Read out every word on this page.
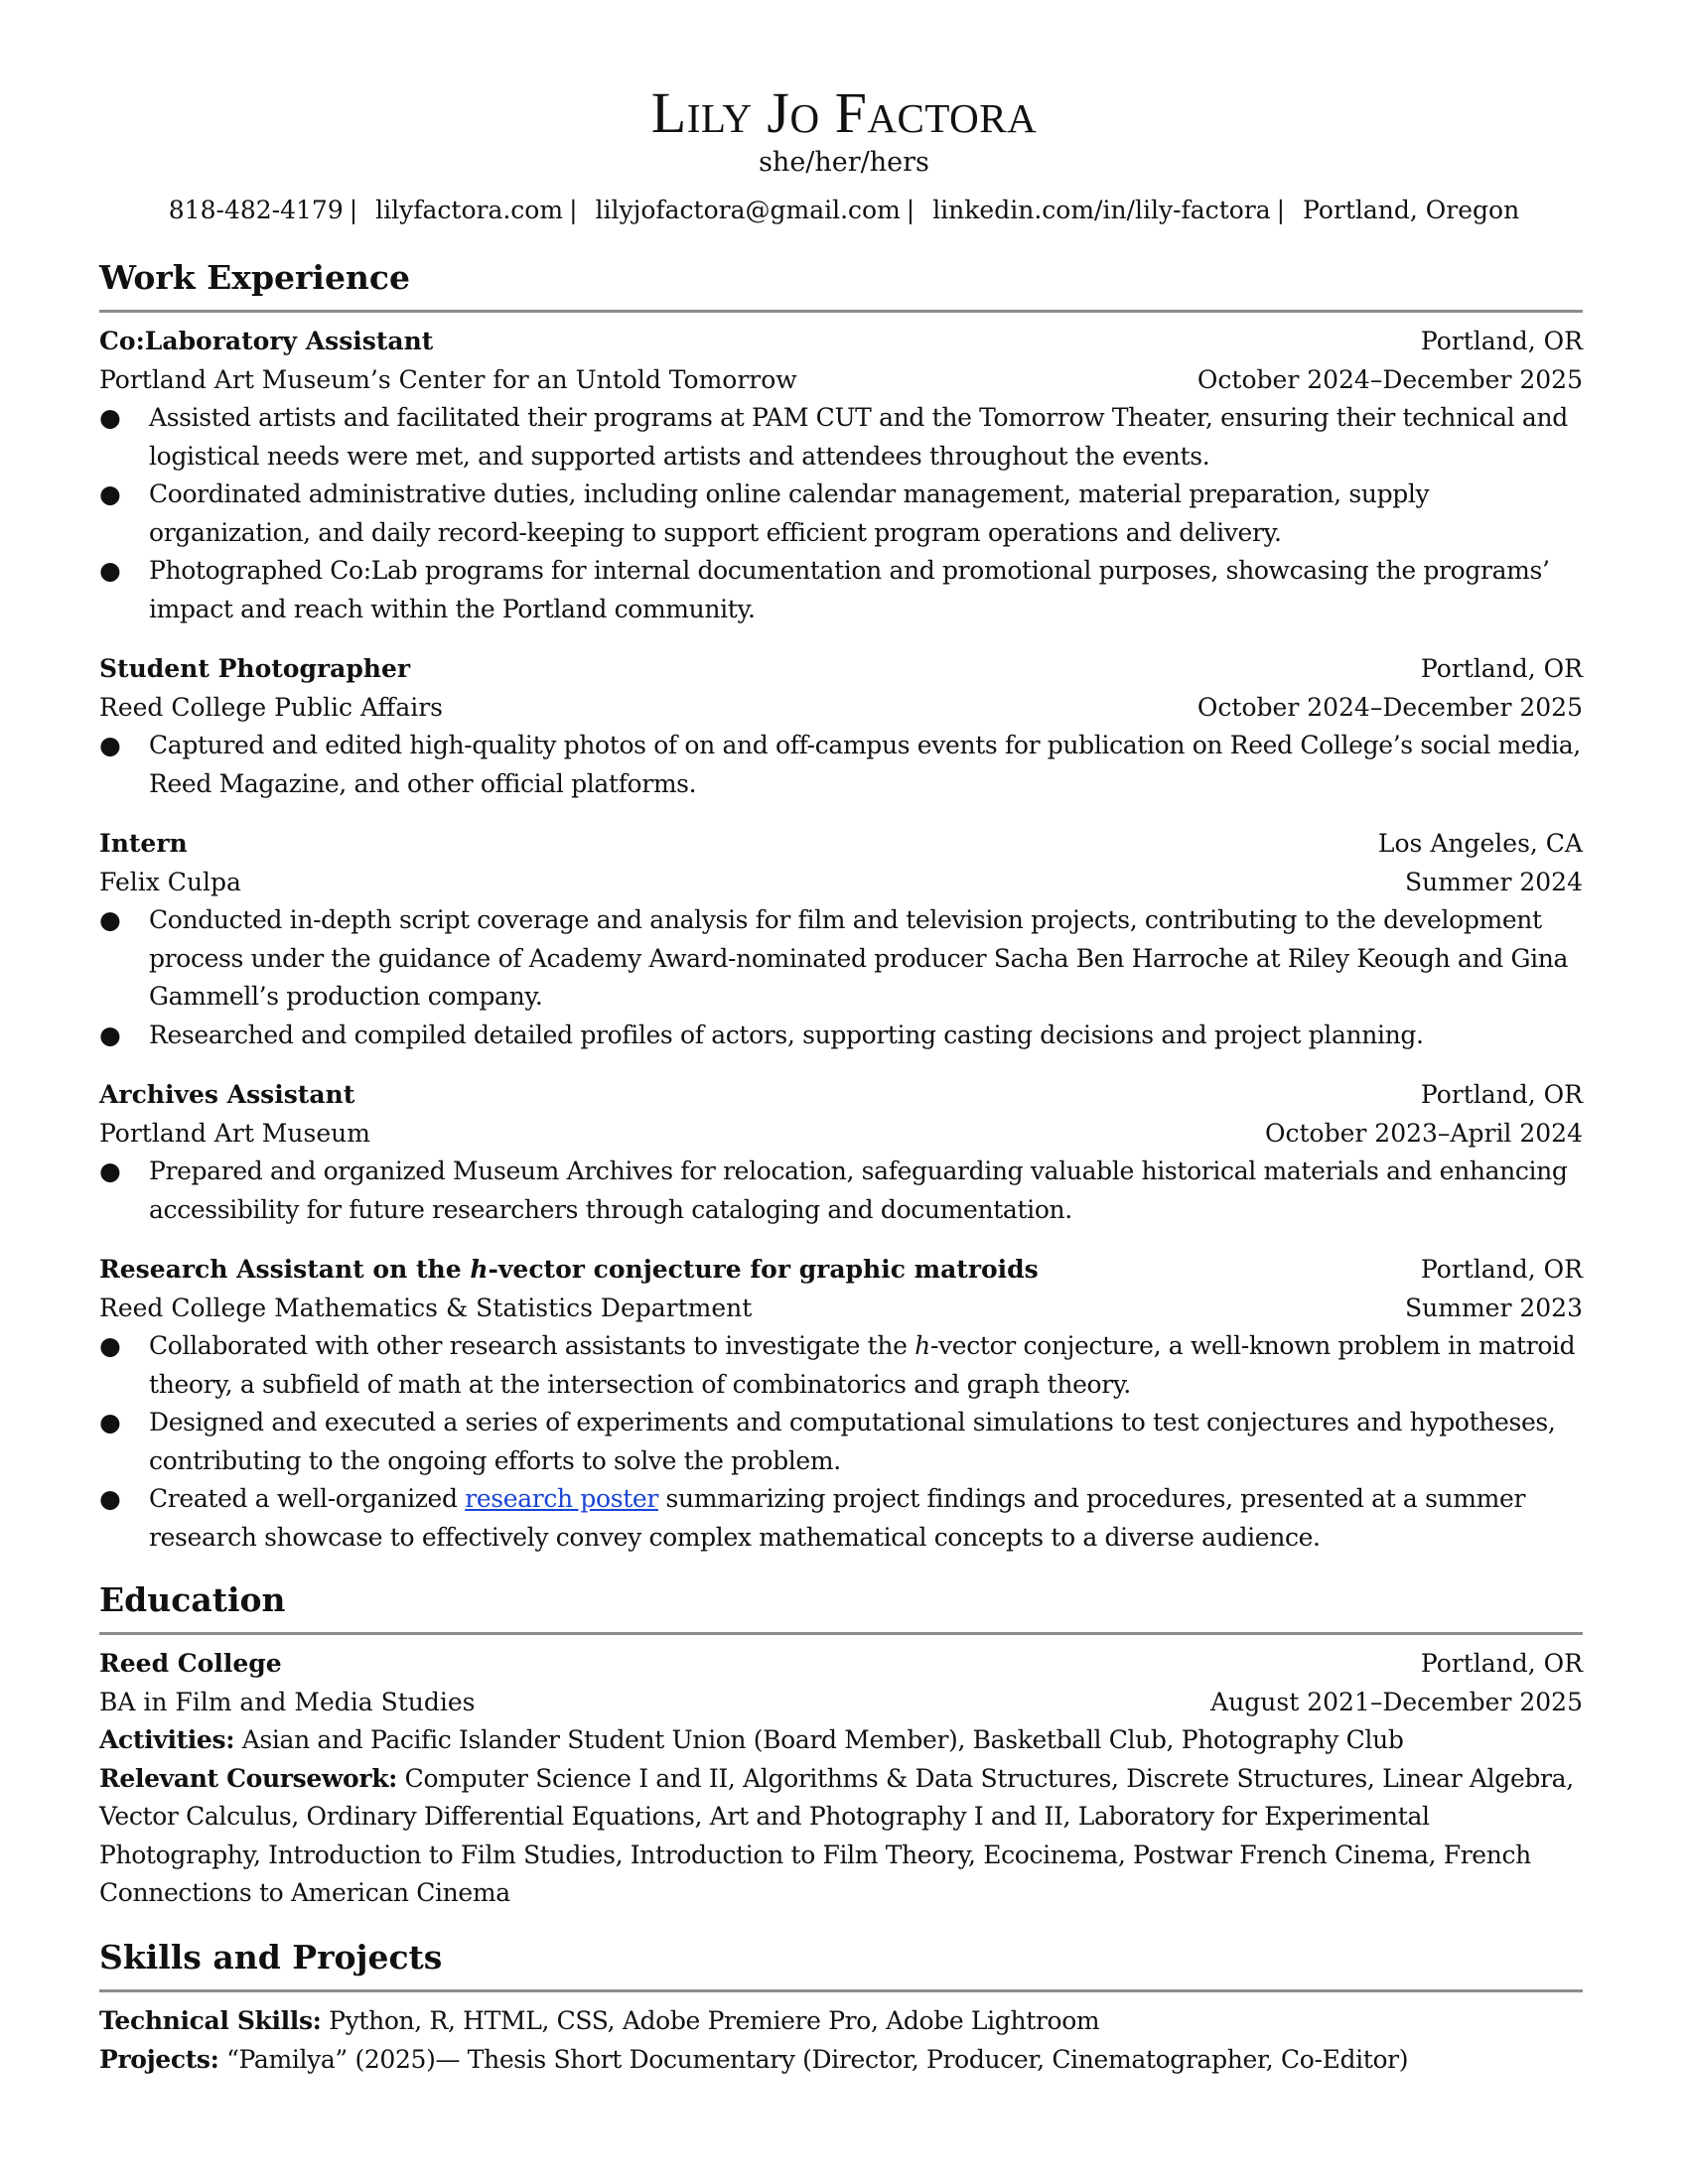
Lily Jo Factora
she/her/hers
818-482-4179 | lilyfactora.com | lilyjofactora@gmail.com | linkedin.com/in/lily-factora | Portland, Oregon
Work Experience
Co:Laboratory Assistant	Portland, OR
Portland Art Museum’s Center for an Untold Tomorrow	October 2024–December 2025
● Assisted artists and facilitated their programs at PAM CUT and the Tomorrow Theater, ensuring their technical and logistical needs were met, and supported artists and attendees throughout the events.
● Coordinated administrative duties, including online calendar management, material preparation, supply organization, and daily record-keeping to support efficient program operations and delivery.
● Photographed Co:Lab programs for internal documentation and promotional purposes, showcasing the programs’ impact and reach within the Portland community.
Student Photographer	Portland, OR
Reed College Public Affairs	October 2024–December 2025
● Captured and edited high-quality photos of on and off-campus events for publication on Reed College’s social media, Reed Magazine, and other official platforms.
Intern	Los Angeles, CA
Felix Culpa	Summer 2024
● Conducted in-depth script coverage and analysis for film and television projects, contributing to the development process under the guidance of Academy Award-nominated producer Sacha Ben Harroche at Riley Keough and Gina Gammell’s production company.
● Researched and compiled detailed profiles of actors, supporting casting decisions and project planning.
Archives Assistant	Portland, OR
Portland Art Museum	October 2023–April 2024
● Prepared and organized Museum Archives for relocation, safeguarding valuable historical materials and enhancing accessibility for future researchers through cataloging and documentation.
Research Assistant on the h-vector conjecture for graphic matroids	Portland, OR
Reed College Mathematics & Statistics Department	Summer 2023
● Collaborated with other research assistants to investigate the h-vector conjecture, a well-known problem in matroid theory, a subfield of math at the intersection of combinatorics and graph theory.
● Designed and executed a series of experiments and computational simulations to test conjectures and hypotheses, contributing to the ongoing efforts to solve the problem.
● Created a well-organized research poster summarizing project findings and procedures, presented at a summer research showcase to effectively convey complex mathematical concepts to a diverse audience.
Education
Reed College	Portland, OR
BA in Film and Media Studies	August 2021–December 2025
Activities: Asian and Pacific Islander Student Union (Board Member), Basketball Club, Photography Club
Relevant Coursework: Computer Science I and II, Algorithms & Data Structures, Discrete Structures, Linear Algebra, Vector Calculus, Ordinary Differential Equations, Art and Photography I and II, Laboratory for Experimental Photography, Introduction to Film Studies, Introduction to Film Theory, Ecocinema, Postwar French Cinema, French Connections to American Cinema
Skills and Projects
Technical Skills: Python, R, HTML, CSS, Adobe Premiere Pro, Adobe Lightroom
Projects: “Pamilya” (2025)— Thesis Short Documentary (Director, Producer, Cinematographer, Co-Editor)
